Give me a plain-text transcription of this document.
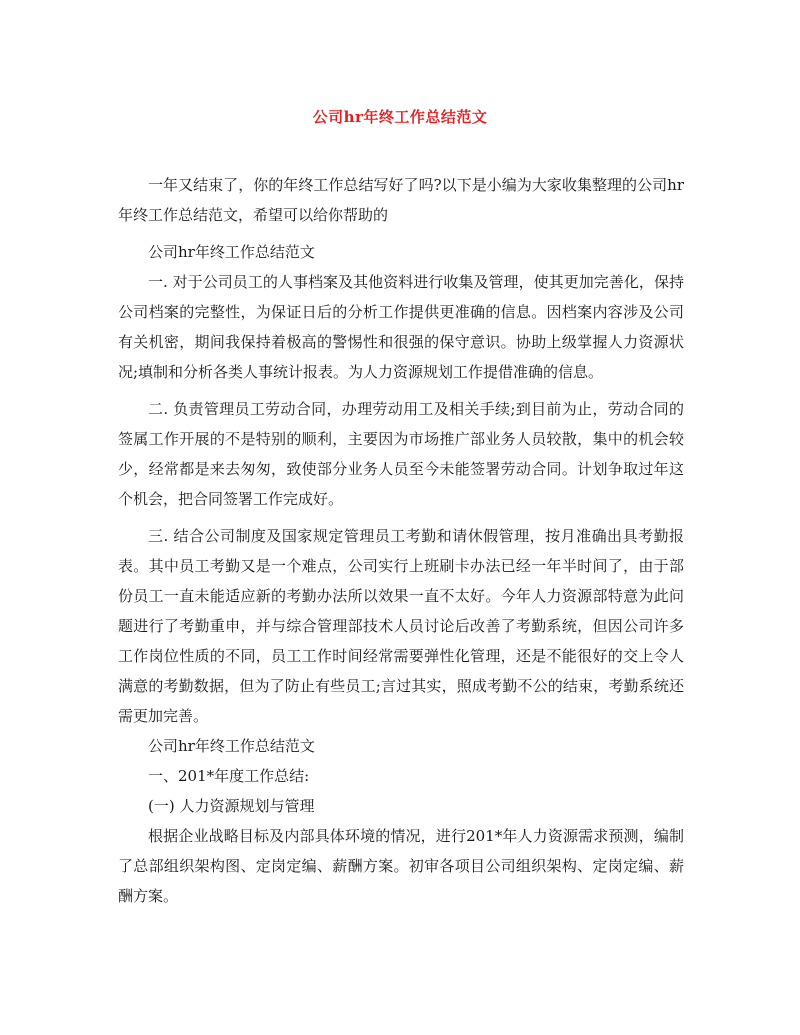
公司hr年终工作总结范文

一年又结束了，你的年终工作总结写好了吗?以下是小编为大家收集整理的公司hr年终工作总结范文，希望可以给你帮助的

公司hr年终工作总结范文

一. 对于公司员工的人事档案及其他资料进行收集及管理，使其更加完善化，保持公司档案的完整性，为保证日后的分析工作提供更准确的信息。因档案内容涉及公司有关机密，期间我保持着极高的警惕性和很强的保守意识。协助上级掌握人力资源状况;填制和分析各类人事统计报表。为人力资源规划工作提借准确的信息。

二. 负责管理员工劳动合同，办理劳动用工及相关手续;到目前为止，劳动合同的签属工作开展的不是特别的顺利，主要因为市场推广部业务人员较散，集中的机会较少，经常都是来去匆匆，致使部分业务人员至今未能签署劳动合同。计划争取过年这个机会，把合同签署工作完成好。

三. 结合公司制度及国家规定管理员工考勤和请休假管理，按月准确出具考勤报表。其中员工考勤又是一个难点，公司实行上班刷卡办法已经一年半时间了，由于部份员工一直未能适应新的考勤办法所以效果一直不太好。今年人力资源部特意为此问题进行了考勤重申，并与综合管理部技术人员讨论后改善了考勤系统，但因公司许多工作岗位性质的不同，员工工作时间经常需要弹性化管理，还是不能很好的交上令人满意的考勤数据，但为了防止有些员工;言过其实，照成考勤不公的结束，考勤系统还需更加完善。

公司hr年终工作总结范文

一、201*年度工作总结:

(一) 人力资源规划与管理

根据企业战略目标及内部具体环境的情况，进行201*年人力资源需求预测，编制了总部组织架构图、定岗定编、薪酬方案。初审各项目公司组织架构、定岗定编、薪酬方案。
